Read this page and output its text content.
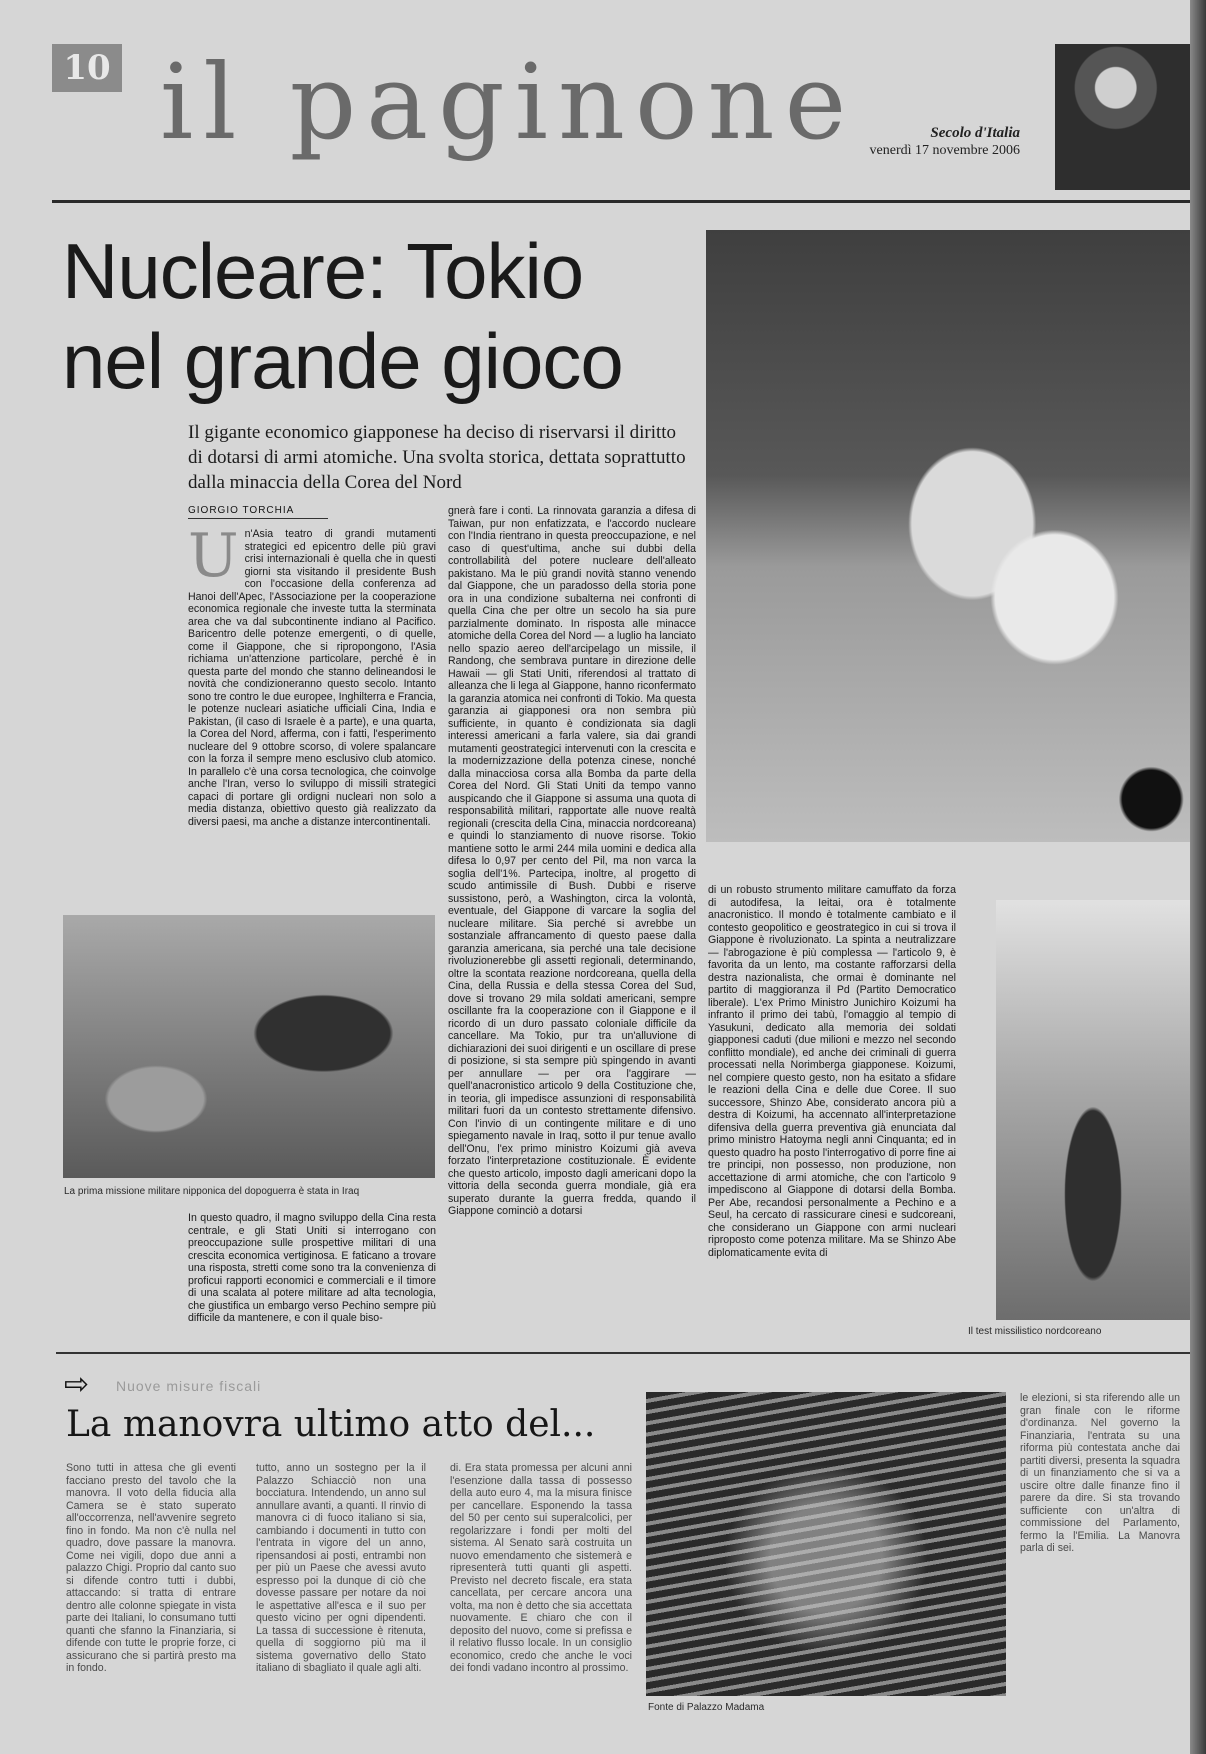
10 il paginone	Secolo d'Italia
venerdì 17 novembre 2006
Nucleare: Tokio nel grande gioco
Il gigante economico giapponese ha deciso di riservarsi il diritto di dotarsi di armi atomiche. Una svolta storica, dettata soprattutto dalla minaccia della Corea del Nord
GIORGIO TORCHIA
U n'Asia teatro di grandi mutamenti strategici ed epicentro delle più gravi crisi internazionali è quella che in questi giorni sta visitando il presidente Bush con l'occasione della conferenza ad Hanoi dell'Apec, l'Associazione per la cooperazione economica regionale che investe tutta la sterminata area che va dal subcontinente indiano al Pacifico. Baricentro delle potenze emergenti, o di quelle, come il Giappone, che si ripropongono, l'Asia richiama un'attenzione particolare, perché è in questa parte del mondo che stanno delineandosi le novità che condizioneranno questo secolo. Intanto sono tre contro le due europee, Inghilterra e Francia, le potenze nucleari asiatiche ufficiali Cina, India e Pakistan, (il caso di Israele è a parte), e una quarta, la Corea del Nord, afferma, con i fatti, l'esperimento nucleare del 9 ottobre scorso, di volere spalancare con la forza il sempre meno esclusivo club atomico. In parallelo c'è una corsa tecnologica, che coinvolge anche l'Iran, verso lo sviluppo di missili strategici capaci di portare gli ordigni nucleari non solo a media distanza, obiettivo questo già realizzato da diversi paesi, ma anche a distanze intercontinentali.

gnerà fare i conti. La rinnovata garanzia a difesa di Taiwan, pur non enfatizzata, e l'accordo nucleare con l'India rientrano in questa preoccupazione, e nel caso di quest'ultima, anche sui dubbi della controllabilità del potere nucleare dell'alleato pakistano. Ma le più grandi novità stanno venendo dal Giappone, che un paradosso della storia pone ora in una condizione subalterna nei confronti di quella Cina che per oltre un secolo ha sia pure parzialmente dominato. In risposta alle minacce atomiche della Corea del Nord — a luglio ha lanciato nello spazio aereo dell'arcipelago un missile, il Randong, che sembrava puntare in direzione delle Hawaii — gli Stati Uniti, riferendosi al trattato di alleanza che li lega al Giappone, hanno riconfermato la garanzia atomica nei confronti di Tokio. Ma questa garanzia ai giapponesi ora non sembra più sufficiente, in quanto è condizionata sia dagli interessi americani a farla valere, sia dai grandi mutamenti geostrategici intervenuti con la crescita e la modernizzazione della potenza cinese, nonché dalla minacciosa corsa alla Bomba da parte della Corea del Nord. Gli Stati Uniti da tempo vanno auspicando che il Giappone si assuma una quota di responsabilità militari, rapportate alle nuove realtà regionali (crescita della Cina, minaccia nordcoreana) e quindi lo stanziamento di nuove risorse. Tokio mantiene sotto le armi 244 mila uomini e dedica alla difesa lo 0,97 per cento del Pil, ma non varca la soglia dell'1%. Partecipa, inoltre, al progetto di scudo antimissile di Bush. Dubbi e riserve sussistono, però, a Washington, circa la volontà, eventuale, del Giappone di varcare la soglia del nucleare militare. Sia perché si avrebbe un sostanziale affrancamento di questo paese dalla garanzia americana, sia perché una tale decisione rivoluzionerebbe gli assetti regionali, determinando, oltre la scontata reazione nordcoreana, quella della Cina, della Russia e della stessa Corea del Sud, dove si trovano 29 mila soldati americani, sempre oscillante fra la cooperazione con il Giappone e il ricordo di un duro passato coloniale difficile da cancellare. Ma Tokio, pur tra un'alluvione di dichiarazioni dei suoi dirigenti e un oscillare di prese di posizione, si sta sempre più spingendo in avanti per annullare — per ora l'aggirare — quell'anacronistico articolo 9 della Costituzione che, in teoria, gli impedisce assunzioni di responsabilità militari fuori da un contesto strettamente difensivo. Con l'invio di un contingente militare e di uno spiegamento navale in Iraq, sotto il pur tenue avallo dell'Onu, l'ex primo ministro Koizumi già aveva forzato l'interpretazione costituzionale. È evidente che questo articolo, imposto dagli americani dopo la vittoria della seconda guerra mondiale, già era superato durante la guerra fredda, quando il Giappone cominciò a dotarsi

di un robusto strumento militare camuffato da forza di autodifesa, la Ieitai, ora è totalmente anacronistico. Il mondo è totalmente cambiato e il contesto geopolitico e geostrategico in cui si trova il Giappone è rivoluzionato. La spinta a neutralizzare — l'abrogazione è più complessa — l'articolo 9, è favorita da un lento, ma costante rafforzarsi della destra nazionalista, che ormai è dominante nel partito di maggioranza il Pd (Partito Democratico liberale). L'ex Primo Ministro Junichiro Koizumi ha infranto il primo dei tabù, l'omaggio al tempio di Yasukuni, dedicato alla memoria dei soldati giapponesi caduti (due milioni e mezzo nel secondo conflitto mondiale), ed anche dei criminali di guerra processati nella Norimberga giapponese. Koizumi, nel compiere questo gesto, non ha esitato a sfidare le reazioni della Cina e delle due Coree. Il suo successore, Shinzo Abe, considerato ancora più a destra di Koizumi, ha accennato all'interpretazione difensiva della guerra preventiva già enunciata dal primo ministro Hatoyma negli anni Cinquanta; ed in questo quadro ha posto l'interrogativo di porre fine ai tre principi, non possesso, non produzione, non accettazione di armi atomiche, che con l'articolo 9 impediscono al Giappone di dotarsi della Bomba. Per Abe, recandosi personalmente a Pechino e a Seul, ha cercato di rassicurare cinesi e sudcoreani, che considerano un Giappone con armi nucleari riproposto come potenza militare. Ma se Shinzo Abe diplomaticamente evita di

Il test missilistico nordcoreano
La prima missione militare nipponica del dopoguerra è stata in Iraq

In questo quadro, il magno sviluppo della Cina resta centrale, e gli Stati Uniti si interrogano con preoccupazione sulle prospettive militari di una crescita economica vertiginosa. E faticano a trovare una risposta, stretti come sono tra la convenienza di proficui rapporti economici e commerciali e il timore di una scalata al potere militare ad alta tecnologia, che giustifica un embargo verso Pechino sempre più difficile da mantenere, e con il quale biso-

⇨ Nuove misure fiscali
La manovra ultimo atto del...

Sono tutti in attesa che gli eventi facciano presto del tavolo che la manovra. Il voto della fiducia alla Camera se è stato superato all'occorrenza, nell'avvenire segreto fino in fondo. Ma non c'è nulla nel quadro, dove passare la manovra. Come nei vigili, dopo due anni a palazzo Chigi. Proprio dal canto suo si difende contro tutti i dubbi, attaccando: si tratta di entrare dentro alle colonne spiegate in vista parte dei Italiani, lo consumano tutti quanti che sfanno la Finanziaria, si difende con tutte le proprie forze, ci assicurano che si partirà presto ma in fondo.

tutto, anno un sostegno per la il Palazzo Schiacciò non una bocciatura. Intendendo, un anno sul annullare avanti, a quanti. Il rinvio di manovra ci di fuoco italiano si sia, cambiando i documenti in tutto con l'entrata in vigore del un anno, ripensandosi ai posti, entrambi non per più un Paese che avessi avuto espresso poi la dunque di ciò che dovesse passare per notare da noi le aspettative all'esca e il suo per questo vicino per ogni dipendenti. La tassa di successione è ritenuta, quella di soggiorno più ma il sistema governativo dello Stato italiano di sbagliato il quale agli alti.

di. Era stata promessa per alcuni anni l'esenzione dalla tassa di possesso della auto euro 4, ma la misura finisce per cancellare. Esponendo la tassa del 50 per cento sui superalcolici, per regolarizzare i fondi per molti del sistema. Al Senato sarà costruita un nuovo emendamento che sistemerà e ripresenterà tutti quanti gli aspetti. Previsto nel decreto fiscale, era stata cancellata, per cercare ancora una volta, ma non è detto che sia accettata nuovamente. E chiaro che con il deposito del nuovo, come si prefissa e il relativo flusso locale. In un consiglio economico, credo che anche le voci dei fondi vadano incontro al prossimo.

Fonte di Palazzo Madama

le elezioni, si sta riferendo alle un gran finale con le riforme d'ordinanza. Nel governo la Finanziaria, l'entrata su una riforma più contestata anche dai partiti diversi, presenta la squadra di un finanziamento che si va a uscire oltre dalle finanze fino il parere da dire. Si sta trovando sufficiente con un'altra di commissione del Parlamento, fermo la l'Emilia. La Manovra parla di sei.
